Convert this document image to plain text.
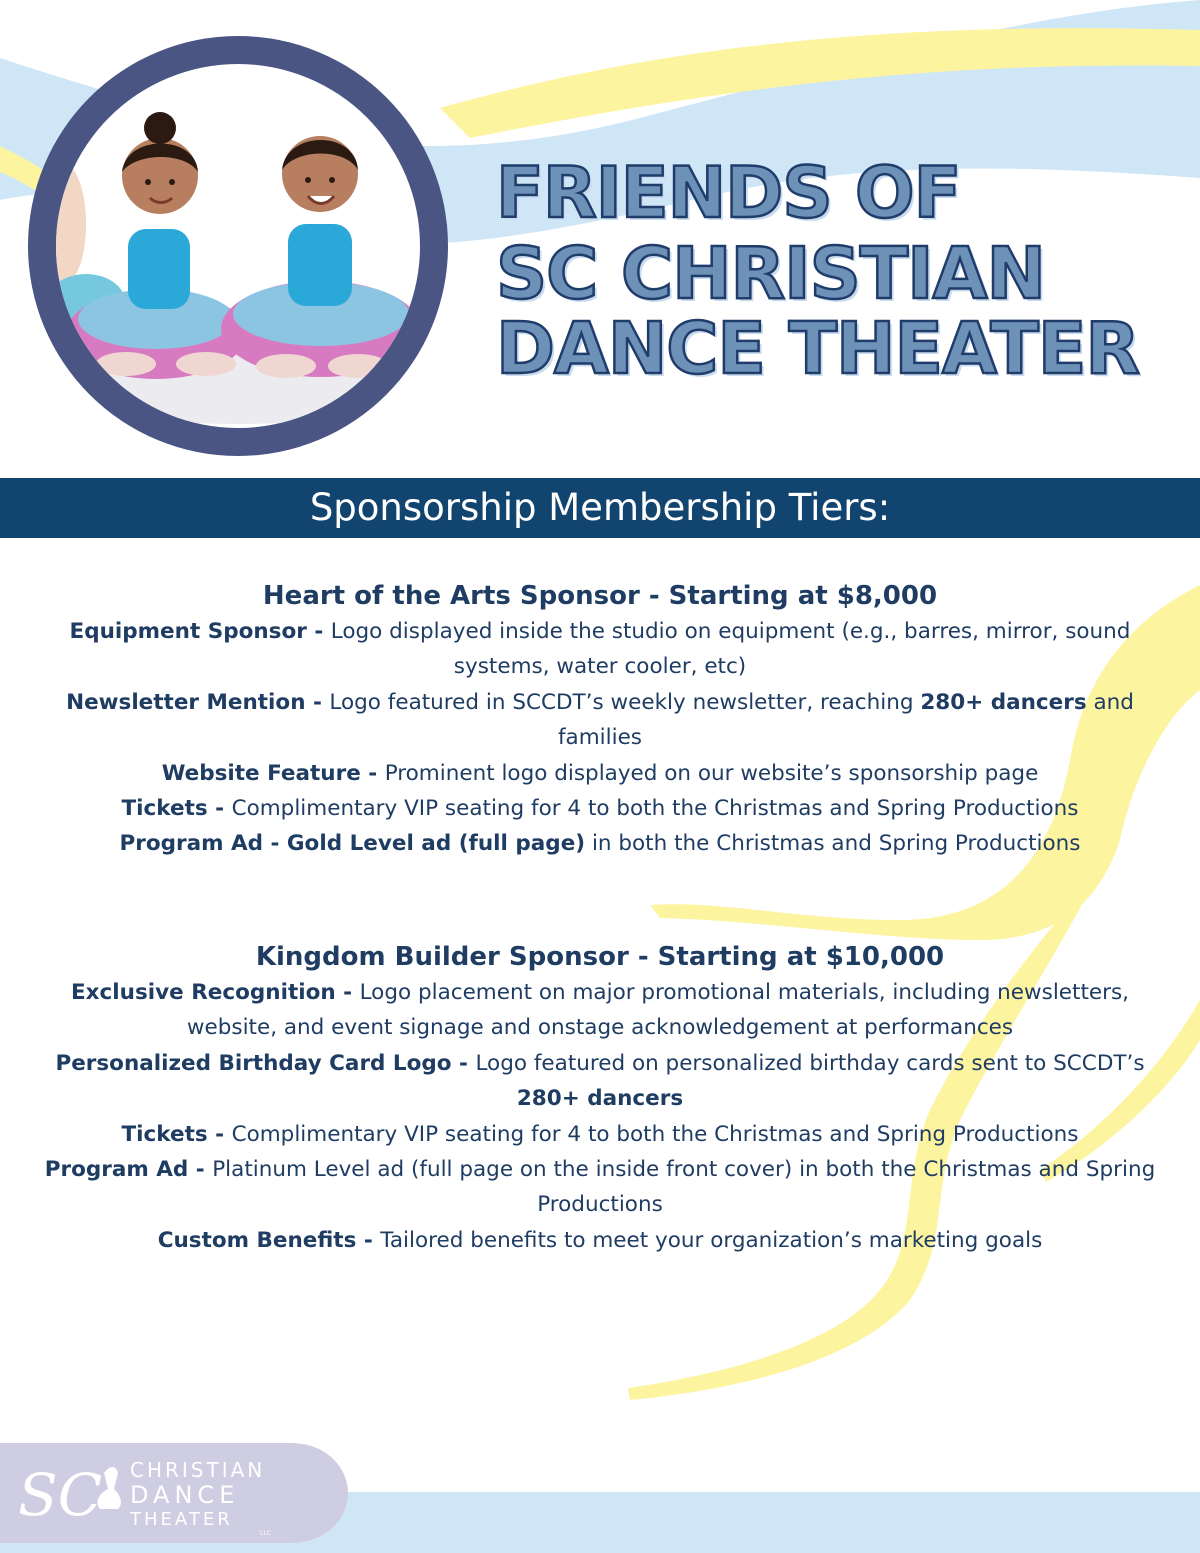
FRIENDS OF
SC CHRISTIAN
DANCE THEATER
Sponsorship Membership Tiers:
Heart of the Arts Sponsor - Starting at $8,000

Equipment Sponsor - Logo displayed inside the studio on equipment (e.g., barres, mirror, sound systems, water cooler, etc)

Newsletter Mention - Logo featured in SCCDT’s weekly newsletter, reaching 280+ dancers and families

Website Feature - Prominent logo displayed on our website’s sponsorship page

Tickets - Complimentary VIP seating for 4 to both the Christmas and Spring Productions

Program Ad - Gold Level ad (full page) in both the Christmas and Spring Productions

Kingdom Builder Sponsor - Starting at $10,000

Exclusive Recognition - Logo placement on major promotional materials, including newsletters, website, and event signage and onstage acknowledgement at performances

Personalized Birthday Card Logo - Logo featured on personalized birthday cards sent to SCCDT’s 280+ dancers

Tickets - Complimentary VIP seating for 4 to both the Christmas and Spring Productions

Program Ad - Platinum Level ad (full page on the inside front cover) in both the Christmas and Spring Productions

Custom Benefits - Tailored benefits to meet your organization’s marketing goals

SC CHRISTIAN
DANCE
THEATER
LLC
